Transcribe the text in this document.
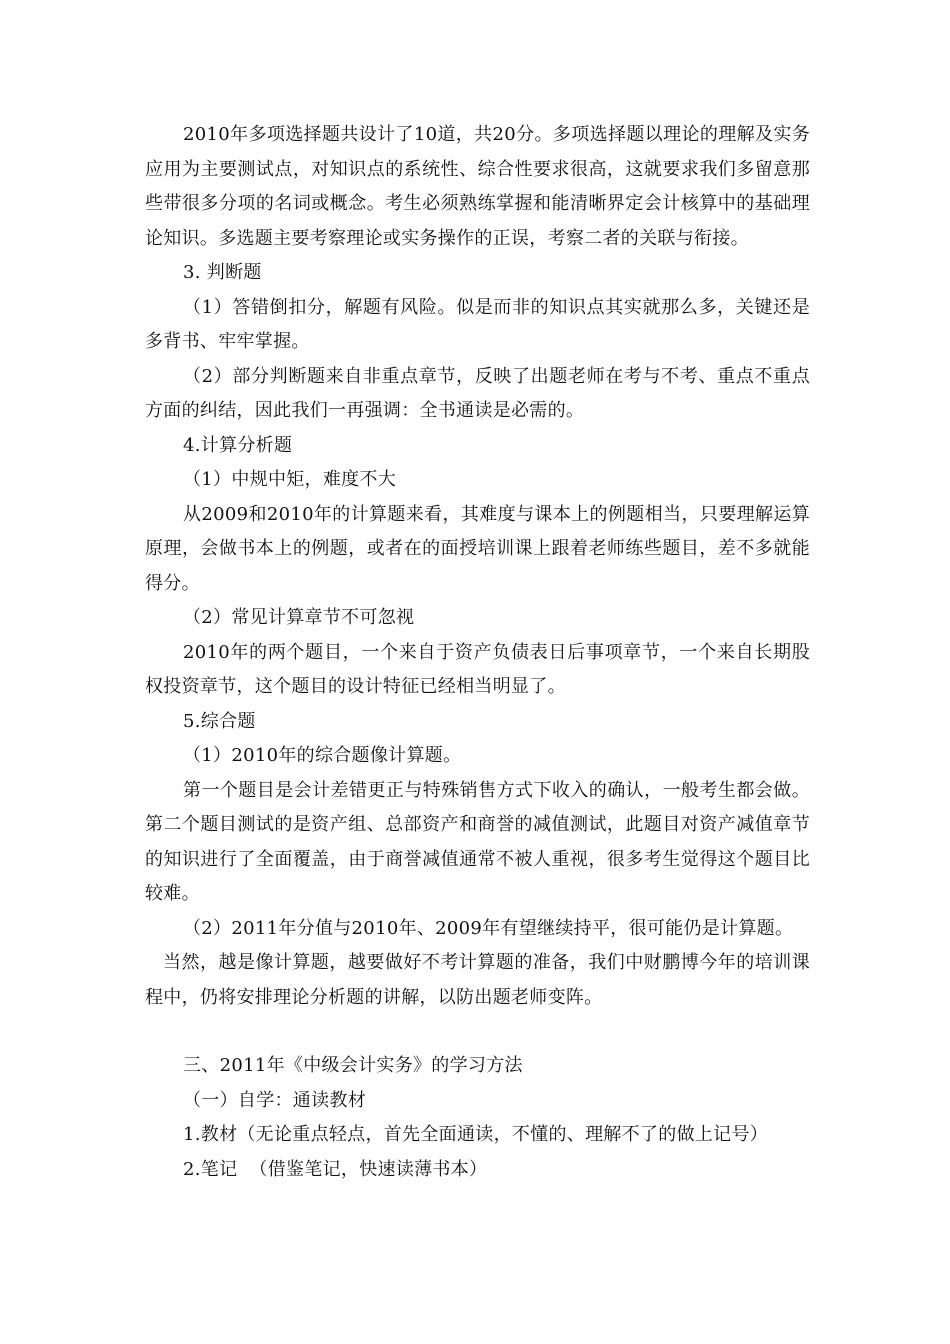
2010年多项选择题共设计了10道，共20分。多项选择题以理论的理解及实务应用为主要测试点，对知识点的系统性、综合性要求很高，这就要求我们多留意那些带很多分项的名词或概念。考生必须熟练掌握和能清晰界定会计核算中的基础理论知识。多选题主要考察理论或实务操作的正误，考察二者的关联与衔接。

3. 判断题

（1）答错倒扣分，解题有风险。似是而非的知识点其实就那么多，关键还是多背书、牢牢掌握。

（2）部分判断题来自非重点章节，反映了出题老师在考与不考、重点不重点方面的纠结，因此我们一再强调：全书通读是必需的。

4.计算分析题

（1）中规中矩，难度不大

从2009和2010年的计算题来看，其难度与课本上的例题相当，只要理解运算原理，会做书本上的例题，或者在的面授培训课上跟着老师练些题目，差不多就能得分。

（2）常见计算章节不可忽视

2010年的两个题目，一个来自于资产负债表日后事项章节，一个来自长期股权投资章节，这个题目的设计特征已经相当明显了。

5.综合题

（1）2010年的综合题像计算题。

第一个题目是会计差错更正与特殊销售方式下收入的确认，一般考生都会做。第二个题目测试的是资产组、总部资产和商誉的减值测试，此题目对资产减值章节的知识进行了全面覆盖，由于商誉减值通常不被人重视，很多考生觉得这个题目比较难。

（2）2011年分值与2010年、2009年有望继续持平，很可能仍是计算题。

当然，越是像计算题，越要做好不考计算题的准备，我们中财鹏博今年的培训课程中，仍将安排理论分析题的讲解，以防出题老师变阵。

三、2011年《中级会计实务》的学习方法

（一）自学：通读教材

1.教材（无论重点轻点，首先全面通读，不懂的、理解不了的做上记号）

2.笔记  （借鉴笔记，快速读薄书本）
